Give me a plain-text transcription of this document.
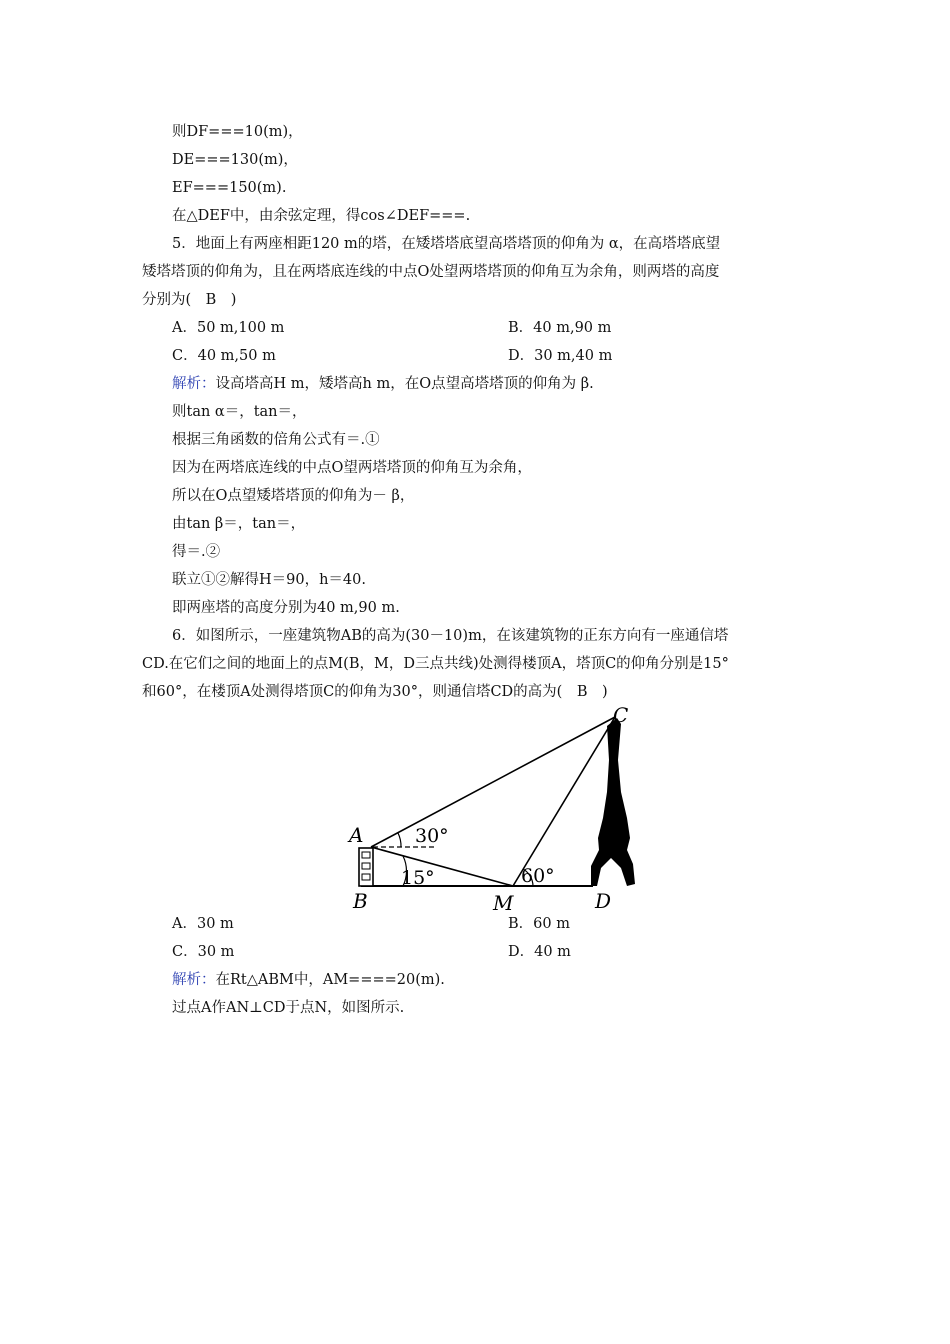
则DF===10(m)，
DE===130(m)，
EF===150(m).
在△DEF中，由余弦定理，得cos∠DEF===.
5．地面上有两座相距120 m的塔，在矮塔塔底望高塔塔顶的仰角为 α，在高塔塔底望
矮塔塔顶的仰角为，且在两塔底连线的中点O处望两塔塔顶的仰角互为余角，则两塔的高度
分别为(　B　)
A．50 m,100 m	B．40 m,90 m
C．40 m,50 m	D．30 m,40 m
解析：设高塔高H m，矮塔高h m，在O点望高塔塔顶的仰角为 β.
则tan α＝，tan＝，
根据三角函数的倍角公式有＝.①
因为在两塔底连线的中点O望两塔塔顶的仰角互为余角，
所以在O点望矮塔塔顶的仰角为－ β，
由tan β＝，tan＝，
得＝.②
联立①②解得H＝90，h＝40.
即两座塔的高度分别为40 m,90 m.
6．如图所示，一座建筑物AB的高为(30－10)m，在该建筑物的正东方向有一座通信塔
CD.在它们之间的地面上的点M(B，M，D三点共线)处测得楼顶A，塔顶C的仰角分别是15°
和60°，在楼顶A处测得塔顶C的仰角为30°，则通信塔CD的高为(　B　)
A
B
C
D
M
30°
15°	60°
A．30 m	B．60 m
C．30 m	D．40 m
解析：在Rt△ABM中，AM====20(m).
过点A作AN⊥CD于点N，如图所示.
